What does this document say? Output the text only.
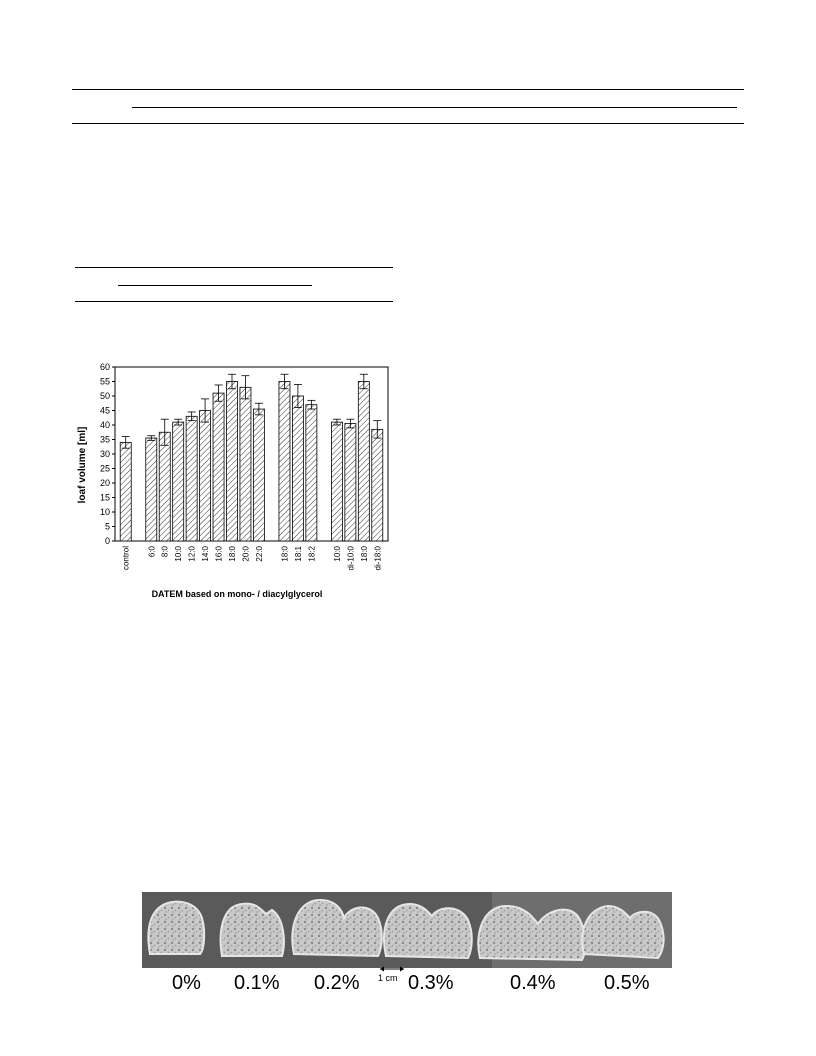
0
5
10
15
20
25
30
35
40
45
50
55
60
control 6:0 8:0 10:0 12:0 14:0 16:0 18:0 20:0 22:0 18:0 18:1 18:2 10:0 di-10:0 18:0 di-18:0
loaf volume [ml]
DATEM based on mono- / diacylglycerol
1 cm
0% 0.1% 0.2% 0.3%	0.4% 0.5%
